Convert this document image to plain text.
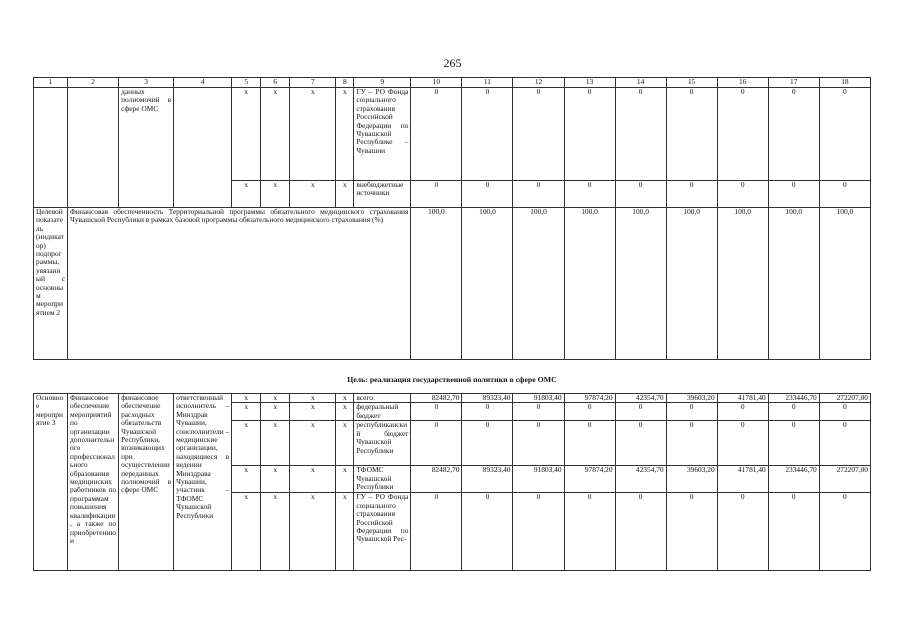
265
1	2	3	4	5	6	7	8	9	10	11	12	13	14	15	16	17	18
		данных полномочий в сфере ОМС		x	x	x	x	ГУ – РО Фонда социального страхования Российской Федерации по Чувашской Республике – Чувашии	0	0	0	0	0	0	0	0	0
				x	x	x	x	внебюджетные источники	0	0	0	0	0	0	0	0	0
Целевой показатель (индикатор) подпрограммы, увязанный с основным мероприятием 2	Финансовая обеспеченность Территориальной программы обязательного медицинского страхования Чувашской Республики в рамках базовой программы обязательного медицинского страхования (%)								100,0	100,0	100,0	100,0	100,0	100,0	100,0	100,0	100,0
Цель: реализация государственной политики в сфере ОМС
Основное мероприятие 3	Финансовое обеспечение мероприятий по организации дополнительного профессионального образования медицинских работников по программам повышения квалификации, а также по приобретению и	финансовое обеспечение расходных обязательств Чувашской Республики, возникающих при осуществлении переданных полномочий в сфере ОМС	ответственный исполнитель – Минздрав Чувашии, соисполнители – медицинские организации, находящиеся в ведении Минздрава Чувашии, участник – ТФОМС Чувашской Республики	x	x	x	x	всего	82482,70	89323,40	91803,40	97874,20	42354,70	39603,20	41781,40	233446,70	272207,00
				x	x	x	x	федеральный бюджет	0	0	0	0	0	0	0	0	0
				x	x	x	x	республиканский бюджет Чувашской Республики	0	0	0	0	0	0	0	0	0
				x	x	x	x	ТФОМС Чувашской Республики	82482,70	89323,40	91803,40	97874,20	42354,70	39603,20	41781,40	233446,70	272207,00
				x	x	x	x	ГУ – РО Фонда социального страхования Российской Федерации по Чувашской Рес-	0	0	0	0	0	0	0	0	0
